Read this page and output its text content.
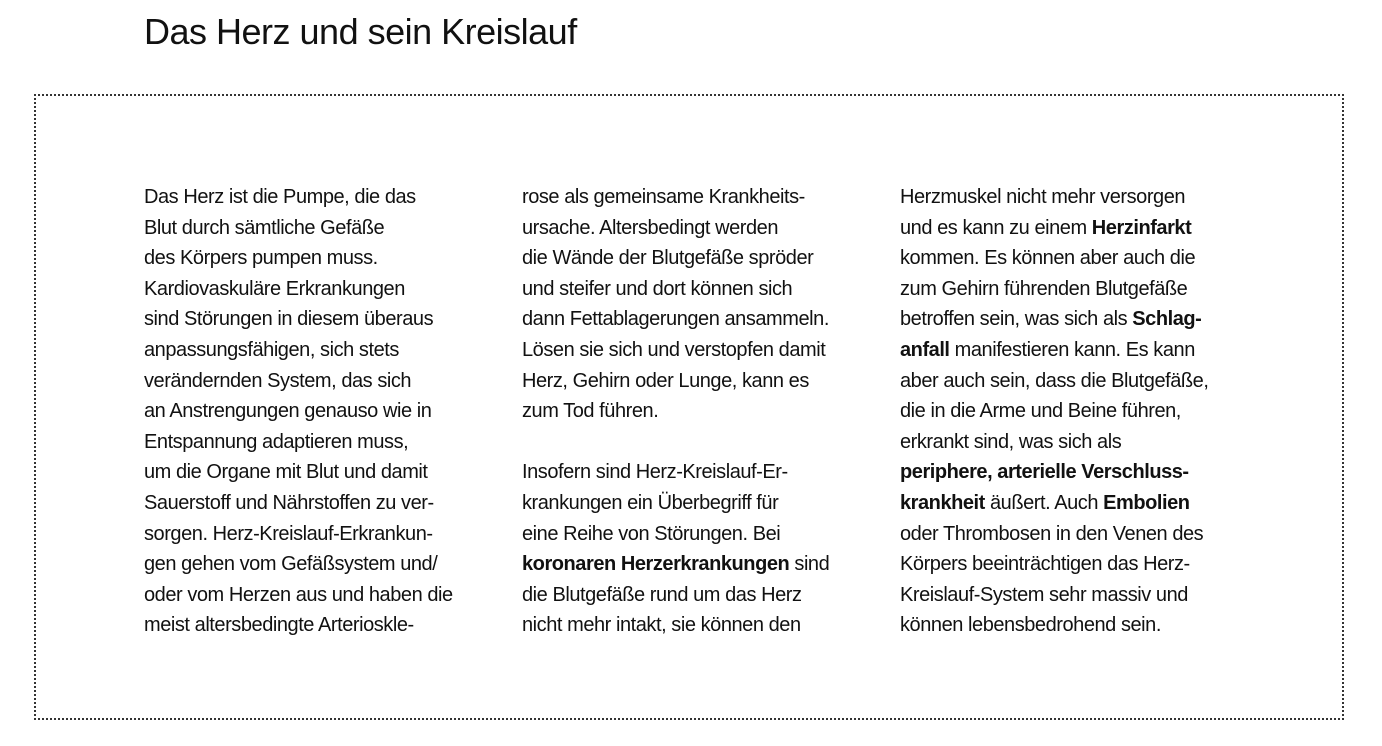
Das Herz und sein Kreislauf
Das Herz ist die Pumpe, die das
Blut durch sämtliche Gefäße
des Körpers pumpen muss.
Kardiovaskuläre Erkrankungen
sind Störungen in diesem überaus
anpassungsfähigen, sich stets
verändernden System, das sich
an Anstrengungen genauso wie in
Entspannung adaptieren muss,
um die Organe mit Blut und damit
Sauerstoff und Nährstoffen zu ver-
sorgen. Herz-Kreislauf-Erkrankun-
gen gehen vom Gefäßsystem und/
oder vom Herzen aus und haben die
meist altersbedingte Arterioskle-
rose als gemeinsame Krankheits-
ursache. Altersbedingt werden
die Wände der Blutgefäße spröder
und steifer und dort können sich
dann Fettablagerungen ansammeln.
Lösen sie sich und verstopfen damit
Herz, Gehirn oder Lunge, kann es
zum Tod führen.
Insofern sind Herz-Kreislauf-Er-
krankungen ein Überbegriff für
eine Reihe von Störungen. Bei
koronaren Herzerkrankungen sind
die Blutgefäße rund um das Herz
nicht mehr intakt, sie können den
Herzmuskel nicht mehr versorgen
und es kann zu einem Herzinfarkt
kommen. Es können aber auch die
zum Gehirn führenden Blutgefäße
betroffen sein, was sich als Schlag-
anfall manifestieren kann. Es kann
aber auch sein, dass die Blutgefäße,
die in die Arme und Beine führen,
erkrankt sind, was sich als
periphere, arterielle Verschluss-
krankheit äußert. Auch Embolien
oder Thrombosen in den Venen des
Körpers beeinträchtigen das Herz-
Kreislauf-System sehr massiv und
können lebensbedrohend sein.
